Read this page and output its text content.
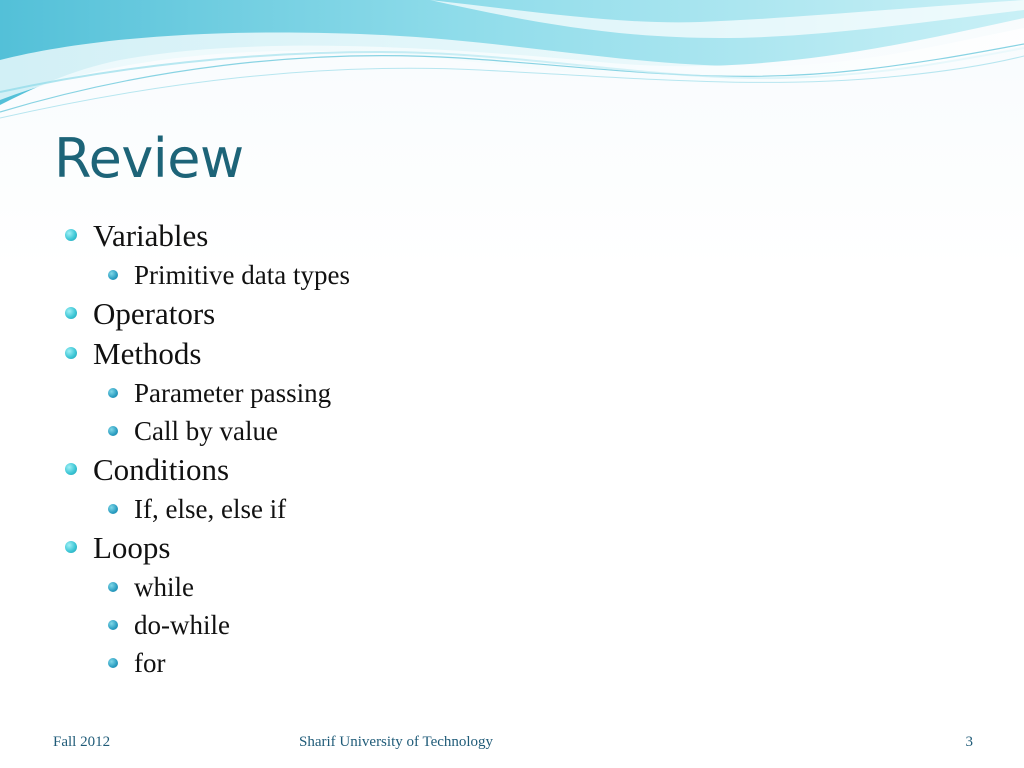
Review
Variables
Primitive data types
Operators
Methods
Parameter passing
Call by value
Conditions
If, else, else if
Loops
while
do-while
for
Fall 2012	Sharif University of Technology	3
